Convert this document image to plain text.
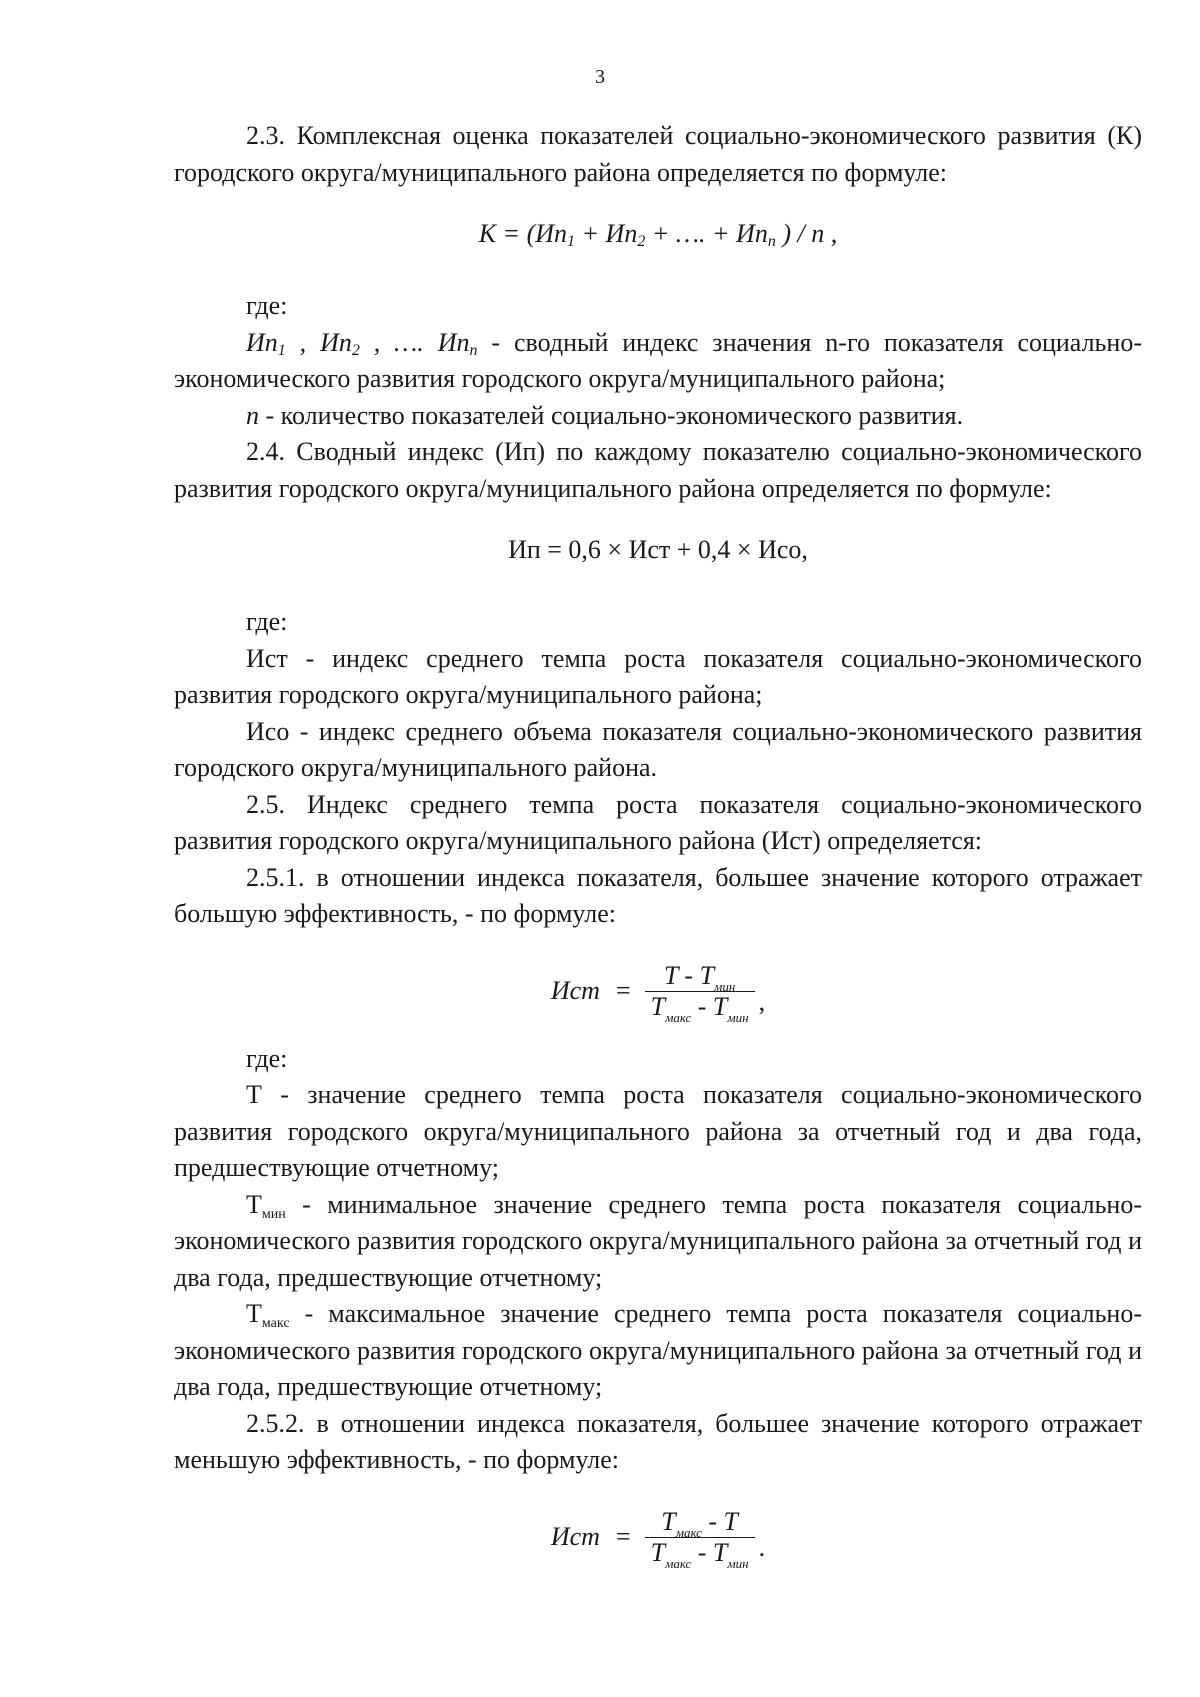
3

2.3. Комплексная оценка показателей социально-экономического развития (К) городского округа/муниципального района определяется по формуле:

$К = (Ип_1 + Ип_2$ + …. + $Ип_n$ ) / n ,

где:

$Ип_1$ , $Ип_2$ , …. $Ип_n$ - сводный индекс значения n-го показателя социально-экономического развития городского округа/муниципального района;

n - количество показателей социально-экономического развития.

2.4. Сводный индекс (Ип) по каждому показателю социально-экономического развития городского округа/муниципального района определяется по формуле:

Ип = 0,6 × Ист + 0,4 × Исо,

где:

Ист - индекс среднего темпа роста показателя социально-экономического развития городского округа/муниципального района;

Исо - индекс среднего объема показателя социально-экономического развития городского округа/муниципального района.

2.5. Индекс среднего темпа роста показателя социально-экономического развития городского округа/муниципального района (Ист) определяется:

2.5.1. в отношении индекса показателя, большее значение которого отражает большую эффективность, - по формуле:

Ист = $\frac{T - T_{мин}}{T_{макс} - T_{мин}}$ ,

где:

Т - значение среднего темпа роста показателя социально-экономического развития городского округа/муниципального района за отчетный год и два года, предшествующие отчетному;

$Т_{мин}$ - минимальное значение среднего темпа роста показателя социально-экономического развития городского округа/муниципального района за отчетный год и два года, предшествующие отчетному;

$Т_{макс}$ - максимальное значение среднего темпа роста показателя социально-экономического развития городского округа/муниципального района за отчетный год и два года, предшествующие отчетному;

2.5.2. в отношении индекса показателя, большее значение которого отражает меньшую эффективность, - по формуле:

Ист = $\frac{T_{макс} - T}{T_{макс} - T_{мин}}$ .
